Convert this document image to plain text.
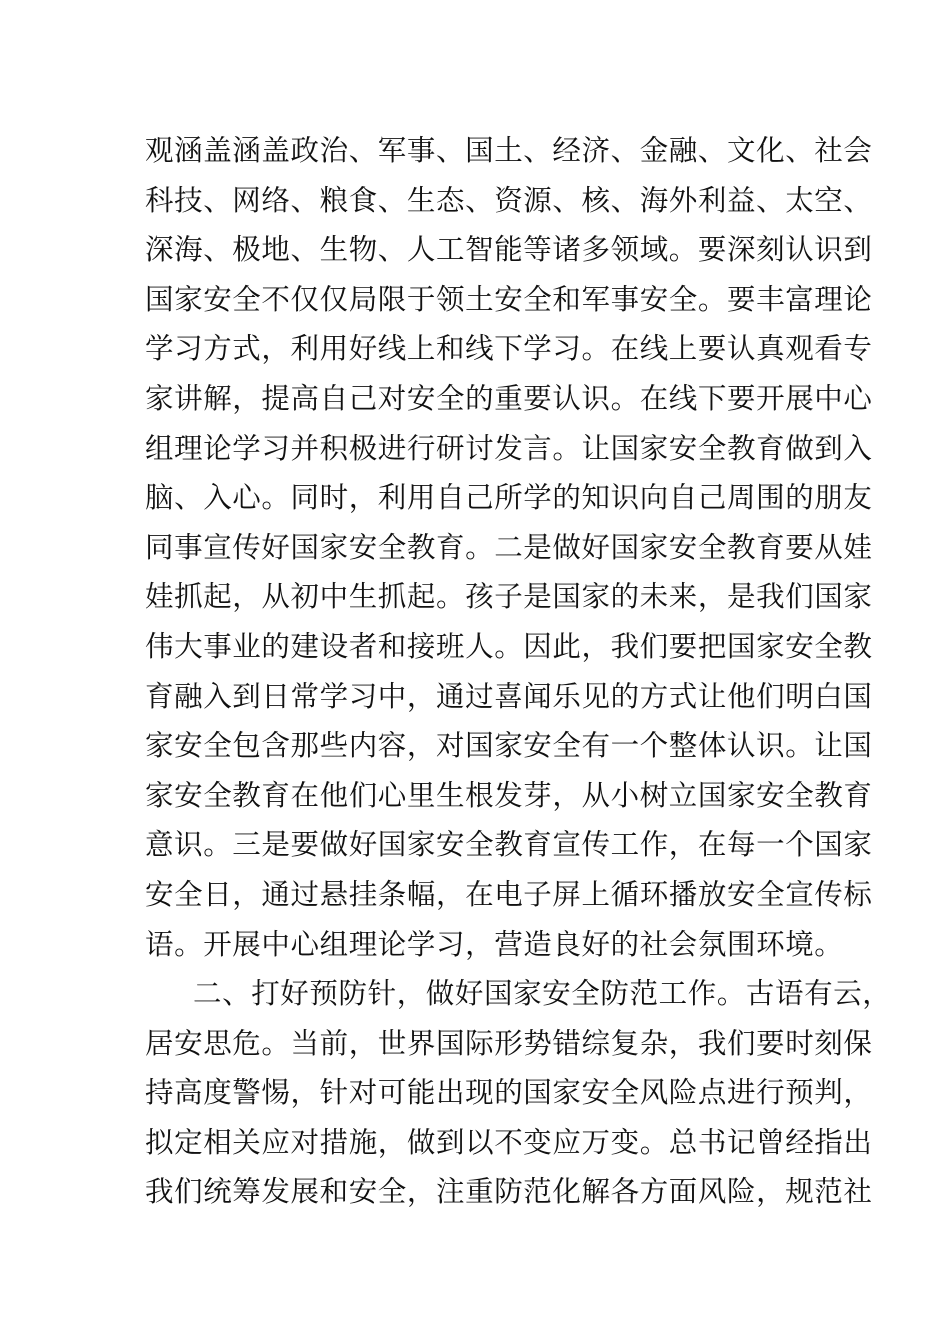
观涵盖涵盖政治、军事、国土、经济、金融、文化、社会
科技、网络、粮食、生态、资源、核、海外利益、太空、
深海、极地、生物、人工智能等诸多领域。要深刻认识到
国家安全不仅仅局限于领土安全和军事安全。要丰富理论
学习方式，利用好线上和线下学习。在线上要认真观看专
家讲解，提高自己对安全的重要认识。在线下要开展中心
组理论学习并积极进行研讨发言。让国家安全教育做到入
脑、入心。同时，利用自己所学的知识向自己周围的朋友
同事宣传好国家安全教育。二是做好国家安全教育要从娃
娃抓起，从初中生抓起。孩子是国家的未来，是我们国家
伟大事业的建设者和接班人。因此，我们要把国家安全教
育融入到日常学习中，通过喜闻乐见的方式让他们明白国
家安全包含那些内容，对国家安全有一个整体认识。让国
家安全教育在他们心里生根发芽，从小树立国家安全教育
意识。三是要做好国家安全教育宣传工作，在每一个国家
安全日，通过悬挂条幅，在电子屏上循环播放安全宣传标
语。开展中心组理论学习，营造良好的社会氛围环境。
二、打好预防针，做好国家安全防范工作。古语有云，
居安思危。当前，世界国际形势错综复杂，我们要时刻保
持高度警惕，针对可能出现的国家安全风险点进行预判，
拟定相关应对措施，做到以不变应万变。总书记曾经指出
我们统筹发展和安全，注重防范化解各方面风险，规范社
